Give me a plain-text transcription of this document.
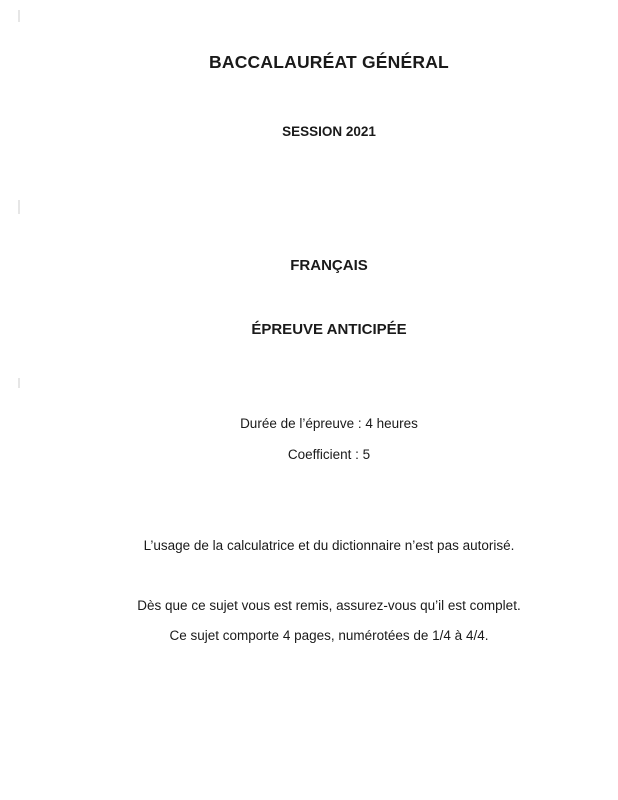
BACCALAURÉAT GÉNÉRAL
SESSION 2021
FRANÇAIS
ÉPREUVE ANTICIPÉE
Durée de l’épreuve : 4 heures
Coefficient : 5
L’usage de la calculatrice et du dictionnaire n’est pas autorisé.
Dès que ce sujet vous est remis, assurez-vous qu’il est complet.
Ce sujet comporte 4 pages, numérotées de 1/4 à 4/4.
